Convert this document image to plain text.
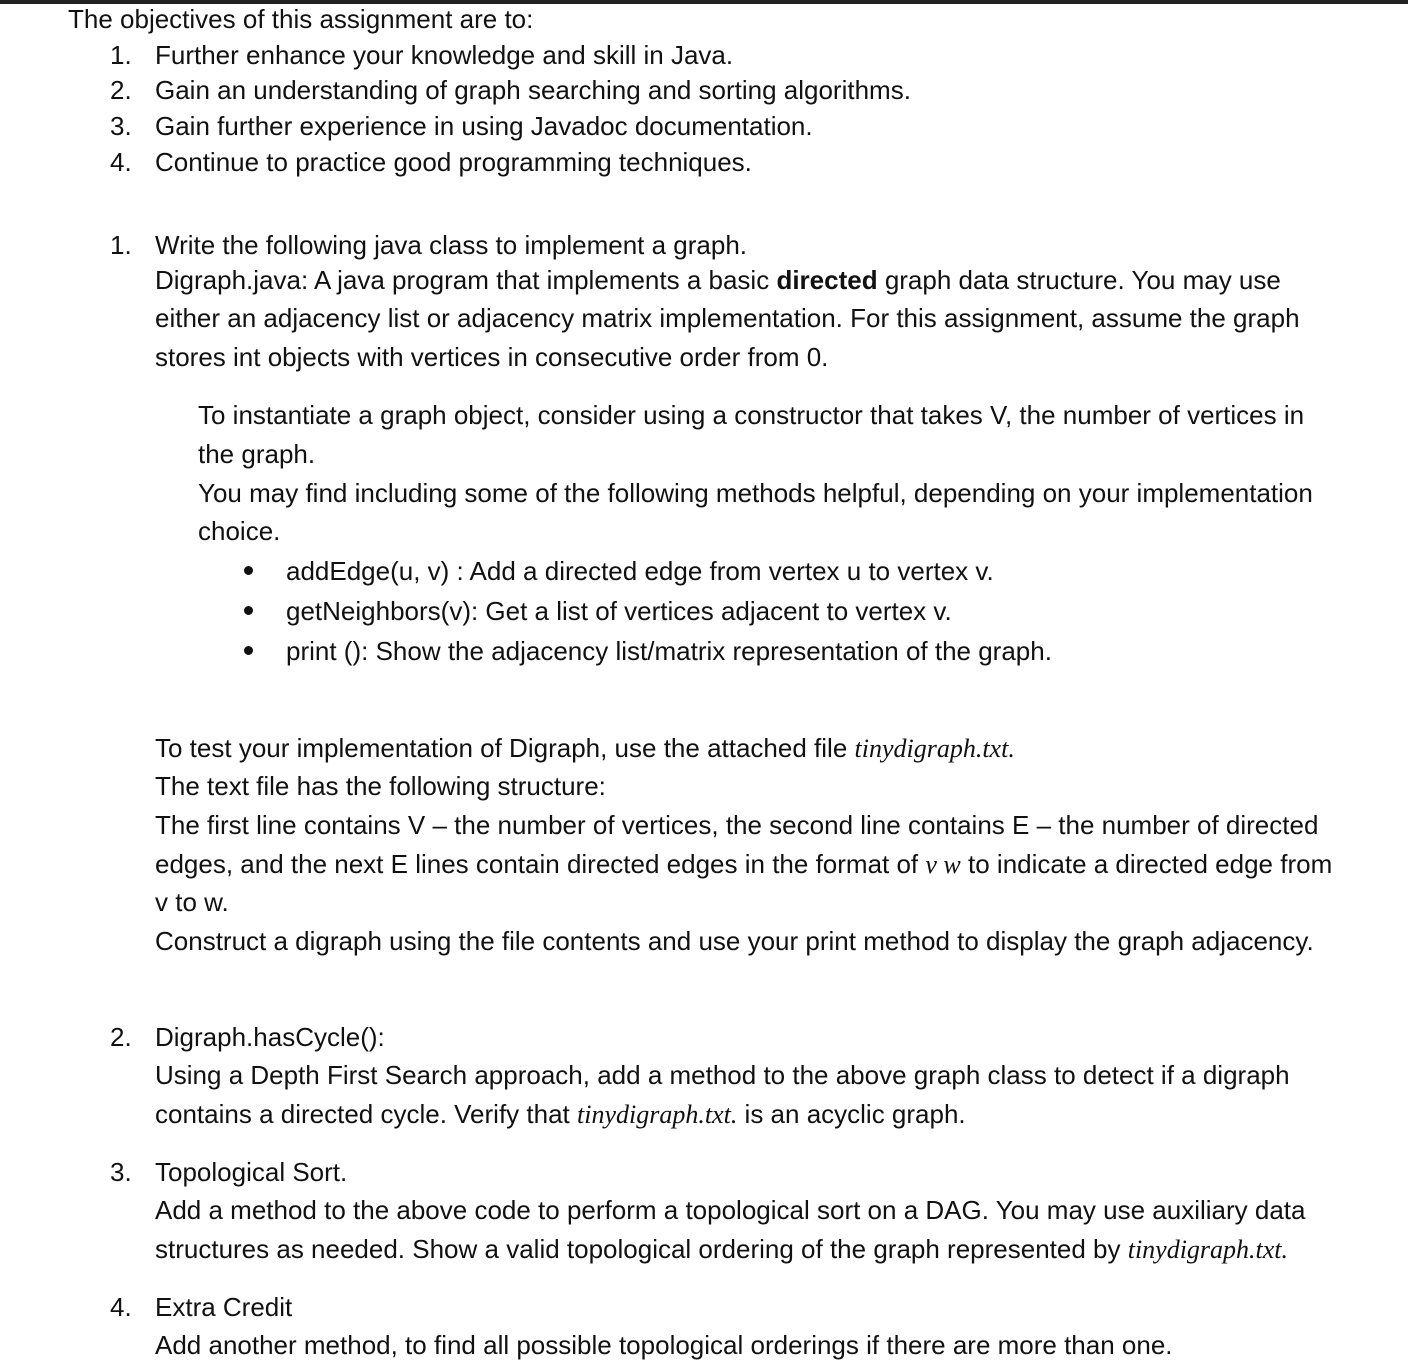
The objectives of this assignment are to:
1. Further enhance your knowledge and skill in Java.
2. Gain an understanding of graph searching and sorting algorithms.
3. Gain further experience in using Javadoc documentation.
4. Continue to practice good programming techniques.
1. Write the following java class to implement a graph.
Digraph.java: A java program that implements a basic directed graph data structure. You may use
either an adjacency list or adjacency matrix implementation. For this assignment, assume the graph
stores int objects with vertices in consecutive order from 0.
To instantiate a graph object, consider using a constructor that takes V, the number of vertices in
the graph.
You may find including some of the following methods helpful, depending on your implementation
choice.
addEdge(u, v) : Add a directed edge from vertex u to vertex v.
getNeighbors(v): Get a list of vertices adjacent to vertex v.
print (): Show the adjacency list/matrix representation of the graph.
To test your implementation of Digraph, use the attached file tinydigraph.txt.
The text file has the following structure:
The first line contains V – the number of vertices, the second line contains E – the number of directed
edges, and the next E lines contain directed edges in the format of v w to indicate a directed edge from
v to w.
Construct a digraph using the file contents and use your print method to display the graph adjacency.
2. Digraph.hasCycle():
Using a Depth First Search approach, add a method to the above graph class to detect if a digraph
contains a directed cycle. Verify that tinydigraph.txt. is an acyclic graph.
3. Topological Sort.
Add a method to the above code to perform a topological sort on a DAG. You may use auxiliary data
structures as needed. Show a valid topological ordering of the graph represented by tinydigraph.txt.
4. Extra Credit
Add another method, to find all possible topological orderings if there are more than one.
